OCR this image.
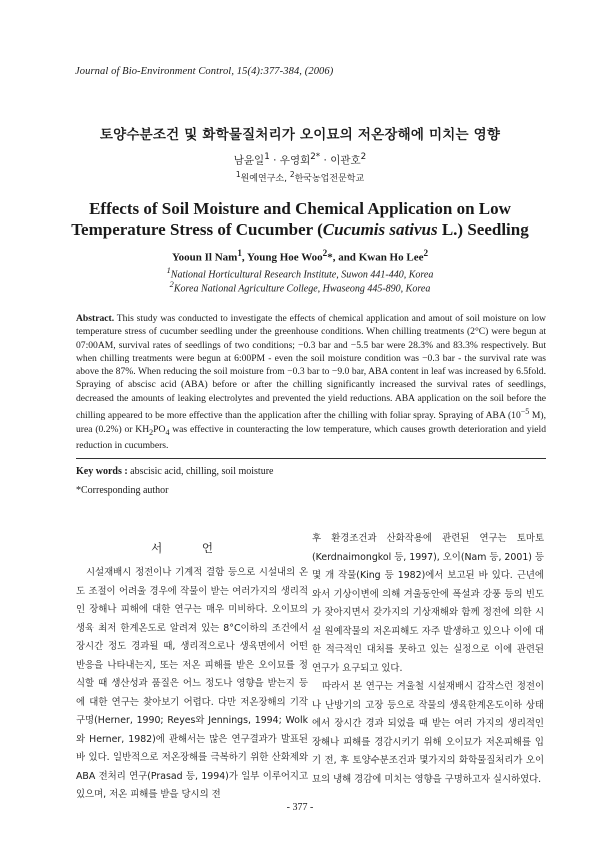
Journal of Bio-Environment Control, 15(4):377-384, (2006)
토양수분조건 및 화학물질처리가 오이묘의 저온장해에 미치는 영향
남윤일$^1$ · 우영회$^{2*}$ · 이관호$^2$
$^1$원예연구소, $^2$한국농업전문학교
Effects of Soil Moisture and Chemical Application on Low
Temperature Stress of Cucumber (Cucumis sativus L.) Seedling
Yooun Il Nam$^1$, Young Hoe Woo$^2$*, and Kwan Ho Lee$^2$
$^1$National Horticultural Research Institute, Suwon 441-440, Korea
$^2$Korea National Agriculture College, Hwaseong 445-890, Korea
Abstract. This study was conducted to investigate the effects of chemical application and amout of soil moisture on low temperature stress of cucumber seedling under the greenhouse conditions. When chilling treatments (2°C) were begun at 07:00AM, survival rates of seedlings of two conditions; −0.3 bar and −5.5 bar were 28.3% and 83.3% respectively. But when chilling treatments were begun at 6:00PM - even the soil moisture condition was −0.3 bar - the survival rate was above the 87%. When reducing the soil moisture from −0.3 bar to −9.0 bar, ABA content in leaf was increased by 6.5fold. Spraying of abscisc acid (ABA) before or after the chilling significantly increased the survival rates of seedlings, decreased the amounts of leaking electrolytes and prevented the yield reductions. ABA application on the soil before the chilling appeared to be more effective than the application after the chilling with foliar spray. Spraying of ABA ($10^{-5}$ M), urea (0.2%) or $KH_2PO_4$ was effective in counteracting the low temperature, which causes growth deterioration and yield reduction in cucumbers.
Key words : abscisic acid, chilling, soil moisture
*Corresponding author
서 언

시설재배시 정전이나 기계적 결함 등으로 시설내의 온도 조절이 어려울 경우에 작물이 받는 여러가지의 생리적인 장해나 피해에 대한 연구는 매우 미비하다. 오이묘의 생육 최저 한계온도로 알려져 있는 8°C이하의 조건에서 장시간 정도 경과될 때, 생리적으로나 생육면에서 어떤 반응을 나타내는지, 또는 저온 피해를 받은 오이묘를 정식할 때 생산성과 품질은 어느 정도나 영향을 받는지 등에 대한 연구는 찾아보기 어렵다. 다만 저온장해의 기작 구명(Herner, 1990; Reyes와 Jennings, 1994; Wolk와 Herner, 1982)에 관해서는 많은 연구결과가 발표된 바 있다. 일반적으로 저온장해를 극복하기 위한 산화제와 ABA 전처리 연구(Prasad 등, 1994)가 일부 이루어지고 있으며, 저온 피해를 받을 당시의 전

후 환경조건과 산화작용에 관련된 연구는 토마토(Kerdnaimongkol 등, 1997), 오이(Nam 등, 2001) 등 몇 개 작물(King 등 1982)에서 보고된 바 있다. 근년에 와서 기상이변에 의해 겨울동안에 폭설과 강풍 등의 빈도가 잦아지면서 갖가지의 기상재해와 함께 정전에 의한 시설 원예작물의 저온피해도 자주 발생하고 있으나 이에 대한 적극적인 대처를 못하고 있는 실정으로 이에 관련된 연구가 요구되고 있다.

따라서 본 연구는 겨울철 시설재배시 갑작스런 정전이나 난방기의 고장 등으로 작물의 생육한계온도이하 상태에서 장시간 경과 되었을 때 받는 여러 가지의 생리적인 장해나 피해를 경감시키기 위해 오이묘가 저온피해를 입기 전, 후 토양수분조건과 몇가지의 화학물질처리가 오이묘의 냉해 경감에 미치는 영향을 구명하고자 실시하였다.

- 377 -
